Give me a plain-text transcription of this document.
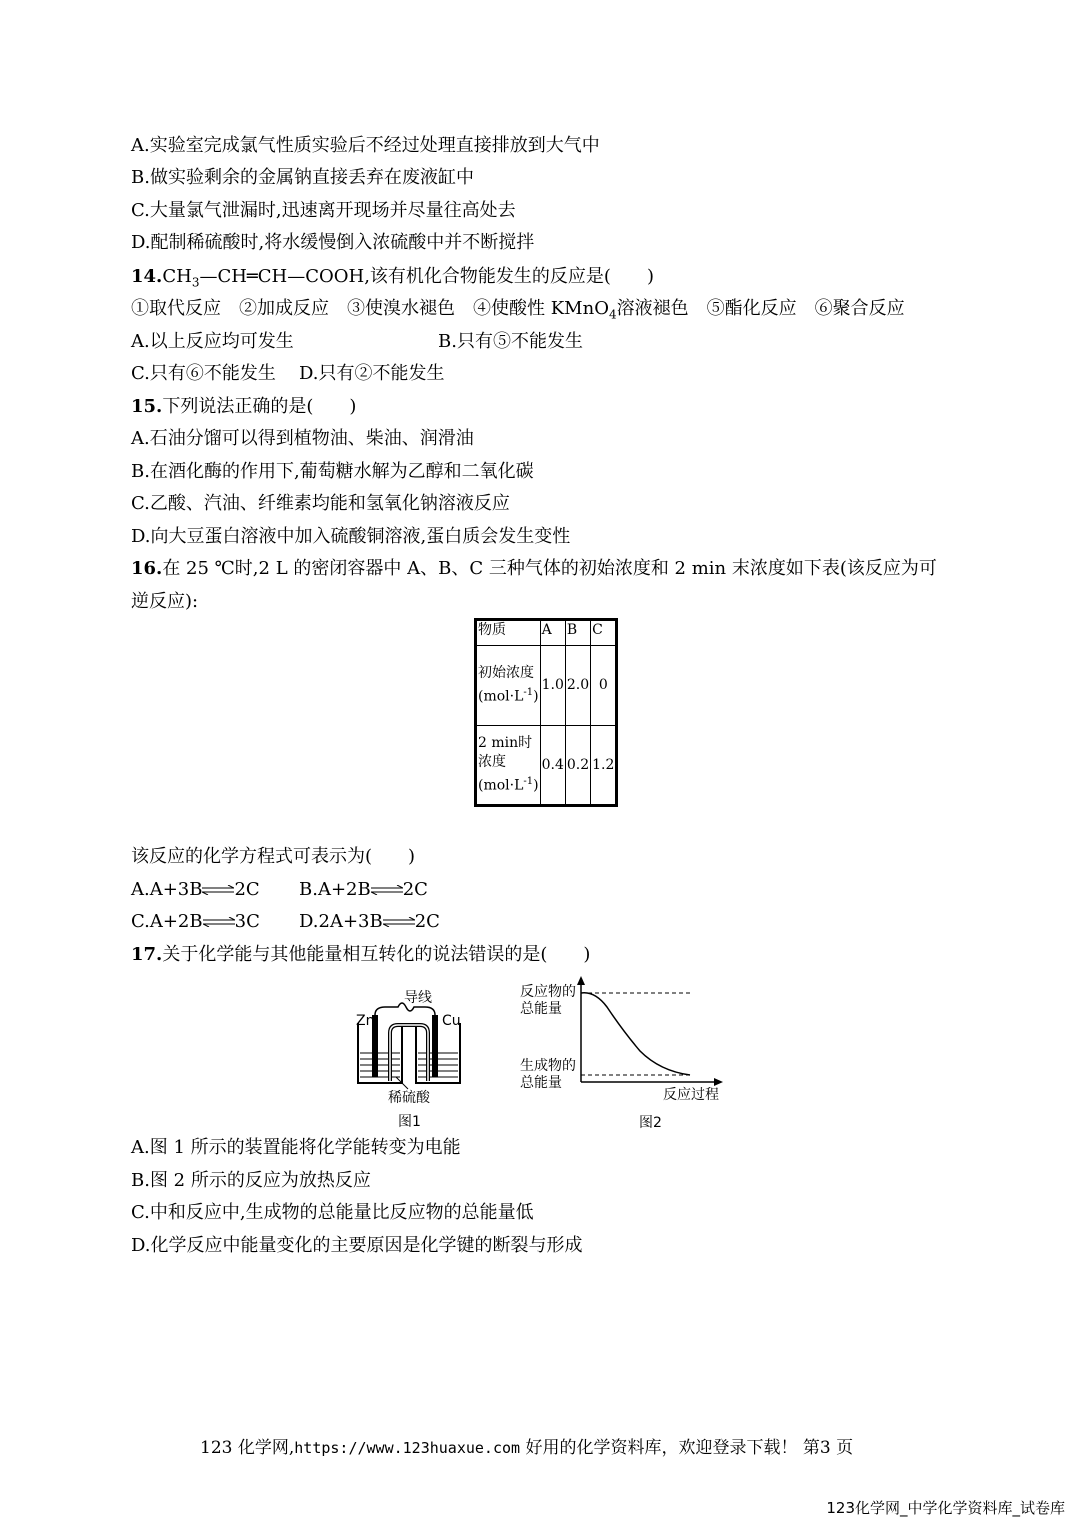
A.实验室完成氯气性质实验后不经过处理直接排放到大气中
B.做实验剩余的金属钠直接丢弃在废液缸中
C.大量氯气泄漏时,迅速离开现场并尽量往高处去
D.配制稀硫酸时,将水缓慢倒入浓硫酸中并不断搅拌
$14.CH_3—CH═CH—COOH$,该有机化合物能发生的反应是(　　)
①取代反应　②加成反应　③使溴水褪色　④使酸性 KMnO$_4$溶液褪色　⑤酯化反应　⑥聚合反应
A.以上反应均可发生	B.只有⑤不能发生
C.只有⑥不能发生 D.只有②不能发生
15.下列说法正确的是(　　)
A.石油分馏可以得到植物油、柴油、润滑油
B.在酒化酶的作用下,葡萄糖水解为乙醇和二氧化碳
C.乙酸、汽油、纤维素均能和氢氧化钠溶液反应
D.向大豆蛋白溶液中加入硫酸铜溶液,蛋白质会发生变性
16.在 25 ℃时,2 L 的密闭容器中 A、B、C 三种气体的初始浓度和 2 min 末浓度如下表(该反应为可
逆反应):
物质	A	B	C
初始浓度
$(mol\cdot L^{-1})$	1.0	2.0	0
2 min时浓度
$(mol\cdot L^{-1})$	0.4	0.2	1.2
该反应的化学方程式可表示为(　　)
A.A+3B⇌2C B.A+2B⇌2C
C.A+2B⇌3C D.2A+3B⇌2C
17.关于化学能与其他能量相互转化的说法错误的是(　　)
导线
Zn	Cu
稀硫酸
图1
反应物的
总能量
生成物的
总能量
反应过程
图2
A.图 1 所示的装置能将化学能转变为电能
B.图 2 所示的反应为放热反应
C.中和反应中,生成物的总能量比反应物的总能量低
D.化学反应中能量变化的主要原因是化学键的断裂与形成
123 化学网,https://www.123huaxue.com 好用的化学资料库，欢迎登录下载！ 第3 页
123化学网_中学化学资料库_试卷库
